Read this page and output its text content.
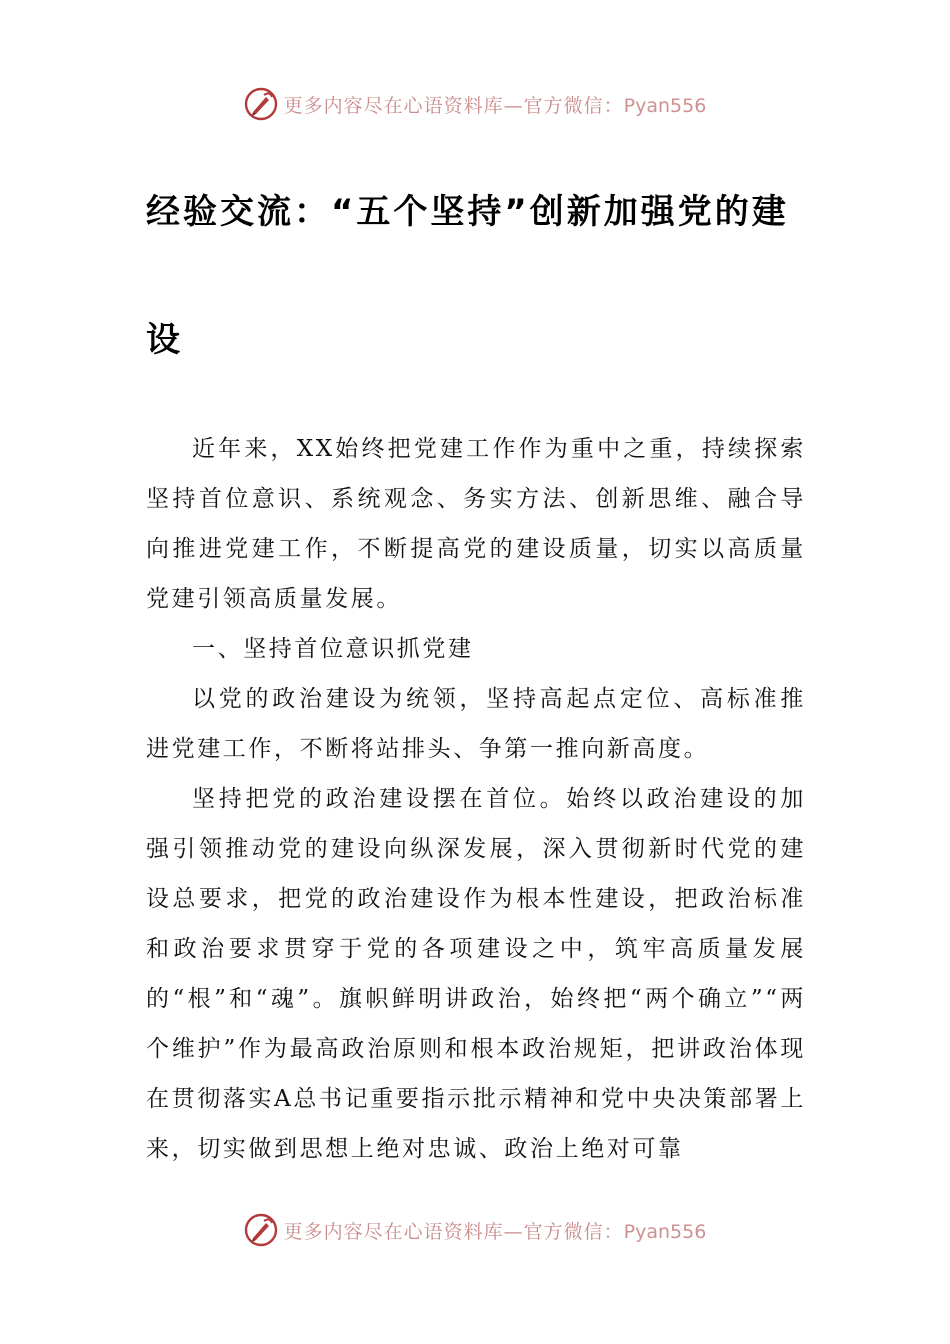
更多内容尽在心语资料库—官方微信：Pyan556
经验交流：“五个坚持”创新加强党的建设

近年来，XX始终把党建工作作为重中之重，持续探索坚持首位意识、系统观念、务实方法、创新思维、融合导向推进党建工作，不断提高党的建设质量，切实以高质量党建引领高质量发展。

一、坚持首位意识抓党建

以党的政治建设为统领，坚持高起点定位、高标准推进党建工作，不断将站排头、争第一推向新高度。

坚持把党的政治建设摆在首位。始终以政治建设的加强引领推动党的建设向纵深发展，深入贯彻新时代党的建设总要求，把党的政治建设作为根本性建设，把政治标准和政治要求贯穿于党的各项建设之中，筑牢高质量发展的“根”和“魂”。旗帜鲜明讲政治，始终把“两个确立”“两个维护”作为最高政治原则和根本政治规矩，把讲政治体现在贯彻落实A总书记重要指示批示精神和党中央决策部署上来，切实做到思想上绝对忠诚、政治上绝对可靠

更多内容尽在心语资料库—官方微信：Pyan556
